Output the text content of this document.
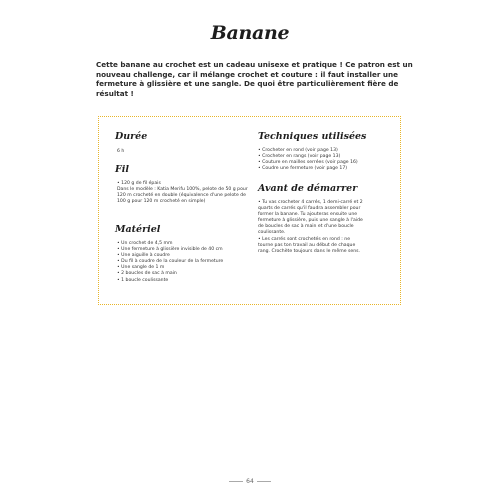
Banane
Cette banane au crochet est un cadeau unisexe et pratique ! Ce patron est un nouveau challenge, car il mélange crochet et couture : il faut installer une fermeture à glissière et une sangle. De quoi être particulièrement fière de résultat !
Durée
6 h
Fil
• 120 g de fil épais
Dans le modèle : Katia Merifu 100%, pelote de 50 g pour 120 m crocheté en double (équivalence d'une pelote de 100 g pour 120 m crocheté en simple)
Matériel
• Un crochet de 4,5 mm
• Une fermeture à glissière invisible de 40 cm
• Une aiguille à coudre
• Du fil à coudre de la couleur de la fermeture
• Une sangle de 1 m
• 2 boucles de sac à main
• 1 boucle coulissante
Techniques utilisées
• Crocheter en rond (voir page 13)
• Crocheter en rangs (voir page 13)
• Couture en mailles serrées (voir page 16)
• Coudre une fermeture (voir page 17)
Avant de démarrer
• Tu vas crocheter 4 carrés, 1 demi-carré et 2 quarts de carrés qu'il faudra assembler pour former la banane. Tu ajouteras ensuite une fermeture à glissière, puis une sangle à l'aide de boucles de sac à main et d'une boucle coulissante.
• Les carrés sont crochetés en rond : ne tourne pas ton travail au début de chaque rang. Crochète toujours dans le même sens.
64
